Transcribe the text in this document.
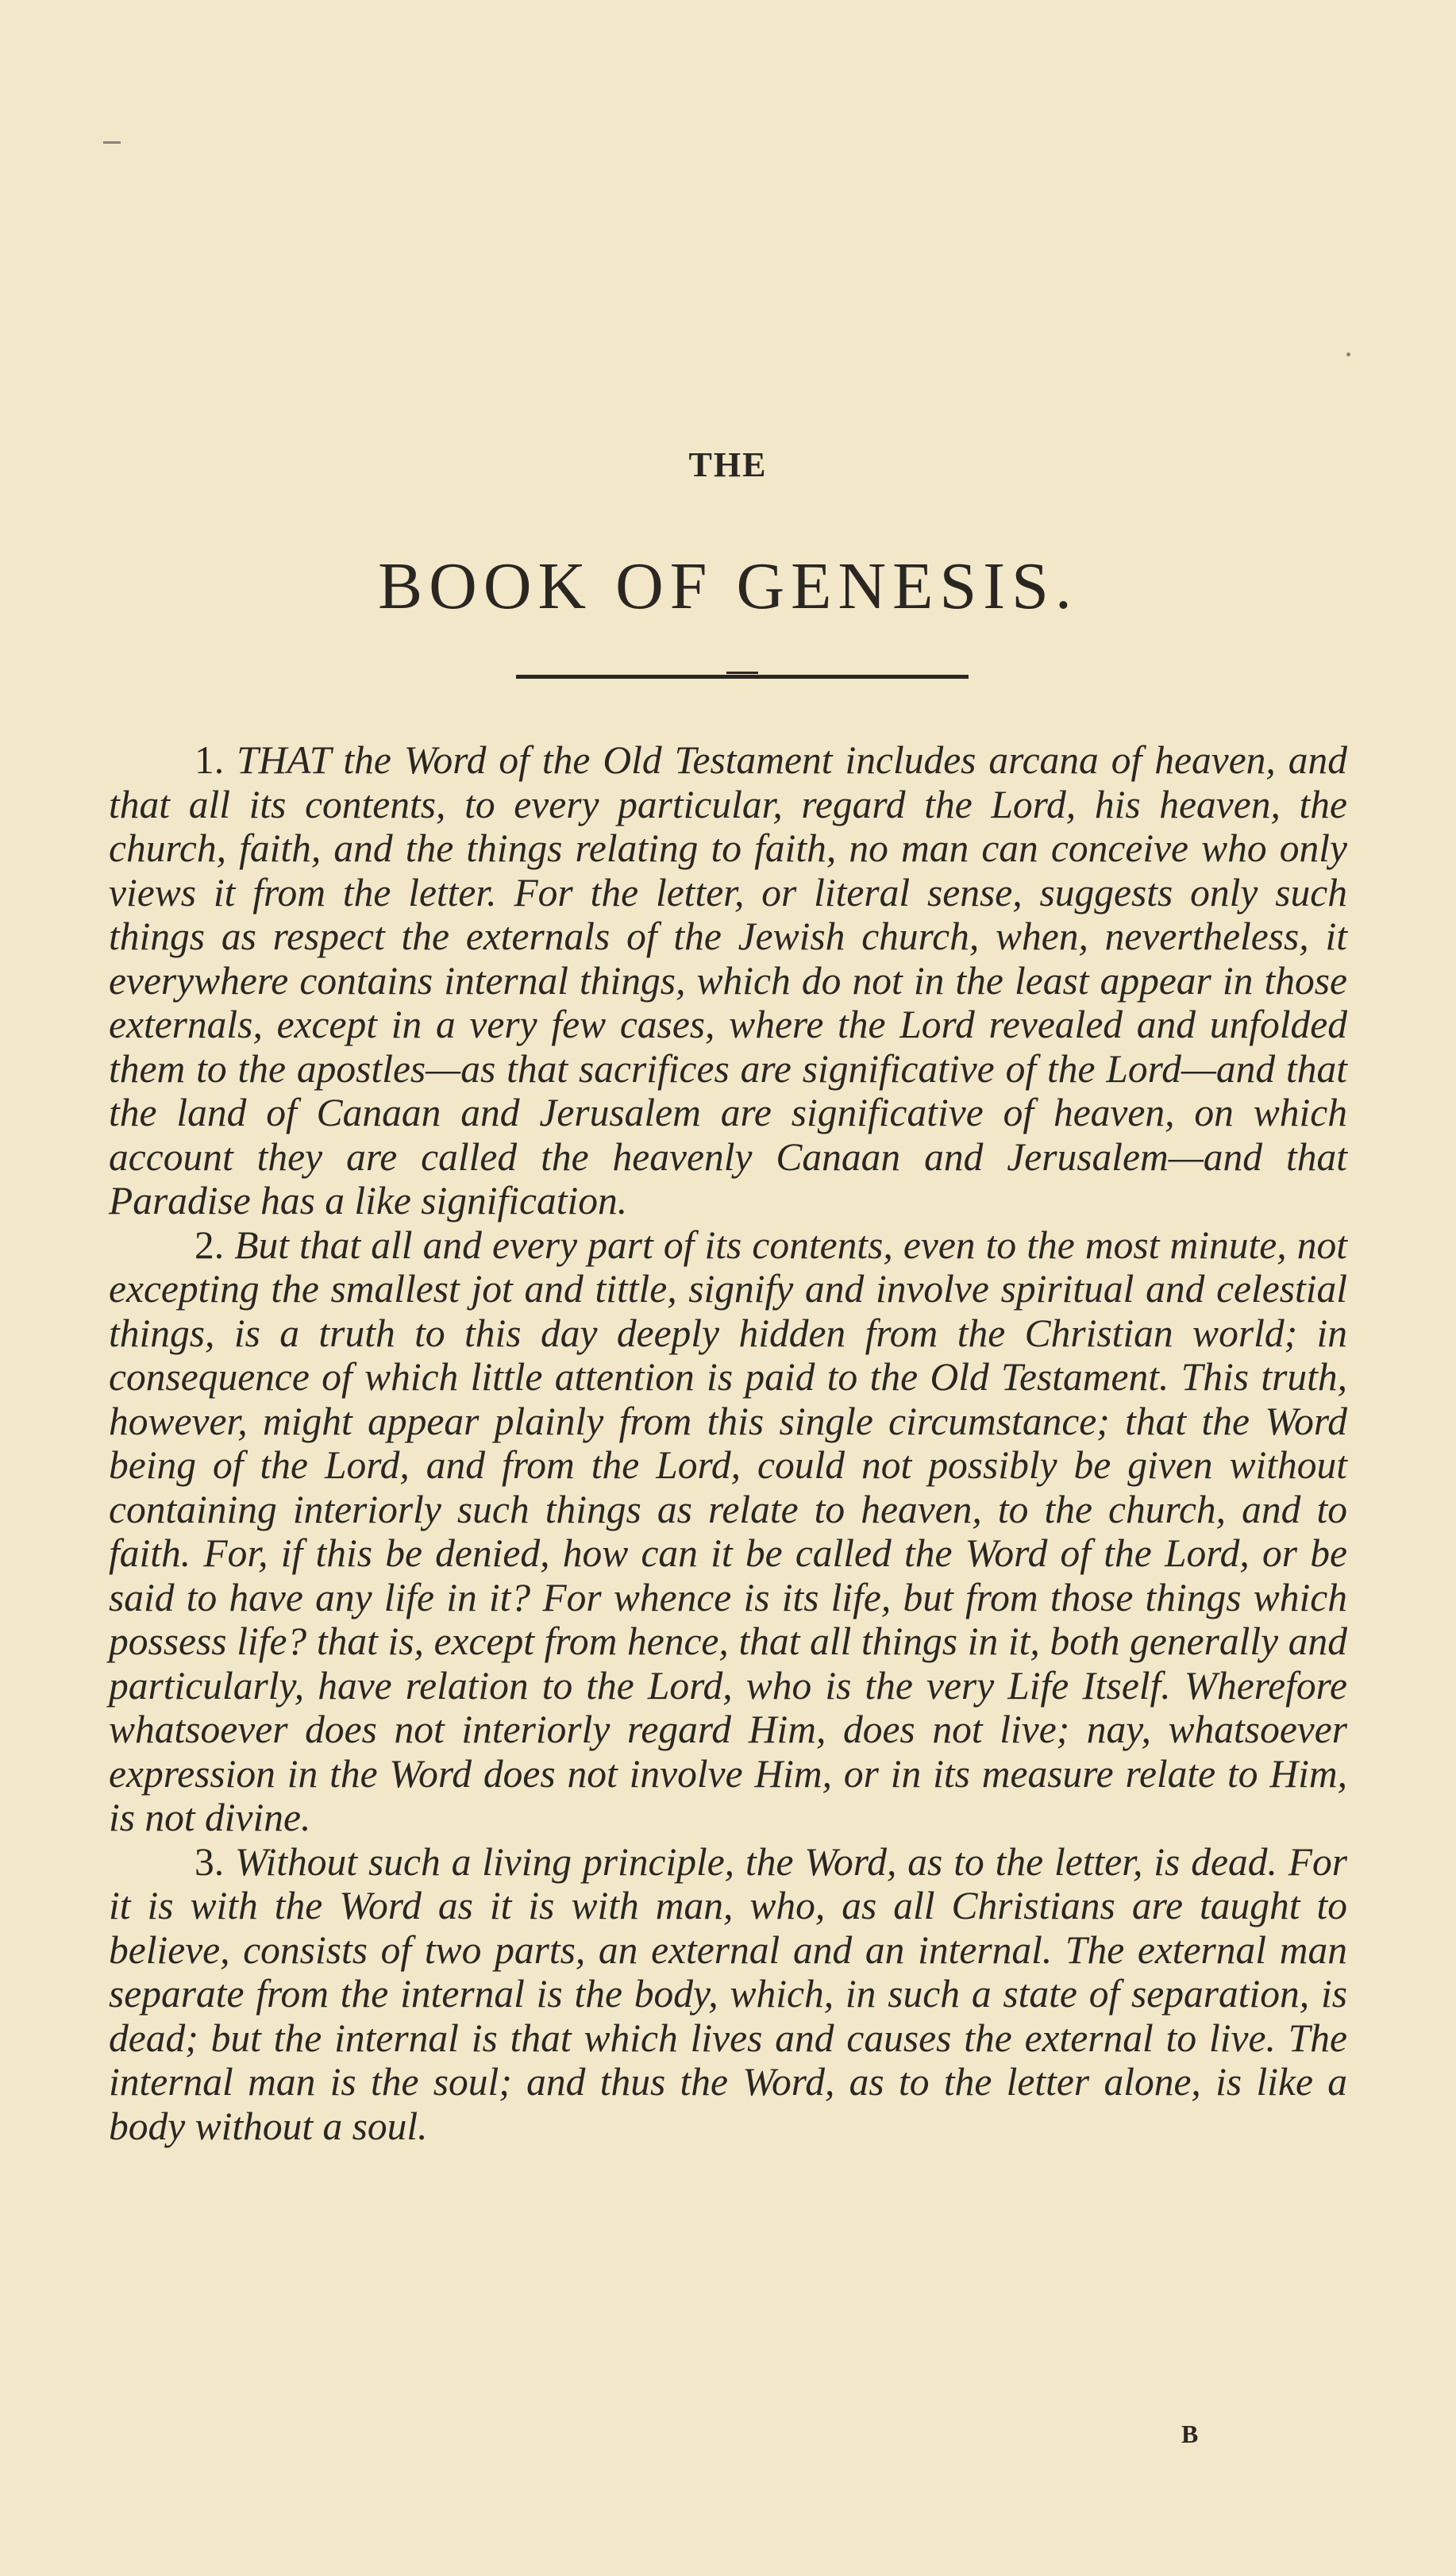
THE
BOOK OF GENESIS.

1. THAT the Word of the Old Testament includes arcana of heaven, and that all its contents, to every particular, regard the Lord, his heaven, the church, faith, and the things relating to faith, no man can conceive who only views it from the letter. For the letter, or literal sense, suggests only such things as respect the externals of the Jewish church, when, nevertheless, it everywhere contains internal things, which do not in the least appear in those externals, except in a very few cases, where the Lord revealed and unfolded them to the apostles—as that sacrifices are significative of the Lord—and that the land of Canaan and Jerusalem are significative of heaven, on which account they are called the heavenly Canaan and Jerusalem—and that Paradise has a like signification.

2. But that all and every part of its contents, even to the most minute, not excepting the smallest jot and tittle, signify and involve spiritual and celestial things, is a truth to this day deeply hidden from the Christian world; in consequence of which little attention is paid to the Old Testament. This truth, however, might appear plainly from this single circumstance; that the Word being of the Lord, and from the Lord, could not possibly be given without containing interiorly such things as relate to heaven, to the church, and to faith. For, if this be denied, how can it be called the Word of the Lord, or be said to have any life in it? For whence is its life, but from those things which possess life? that is, except from hence, that all things in it, both generally and particularly, have relation to the Lord, who is the very Life Itself. Wherefore whatsoever does not interiorly regard Him, does not live; nay, whatsoever expression in the Word does not involve Him, or in its measure relate to Him, is not divine.

3. Without such a living principle, the Word, as to the letter, is dead. For it is with the Word as it is with man, who, as all Christians are taught to believe, consists of two parts, an external and an internal. The external man separate from the internal is the body, which, in such a state of separation, is dead; but the internal is that which lives and causes the external to live. The internal man is the soul; and thus the Word, as to the letter alone, is like a body without a soul.

B
